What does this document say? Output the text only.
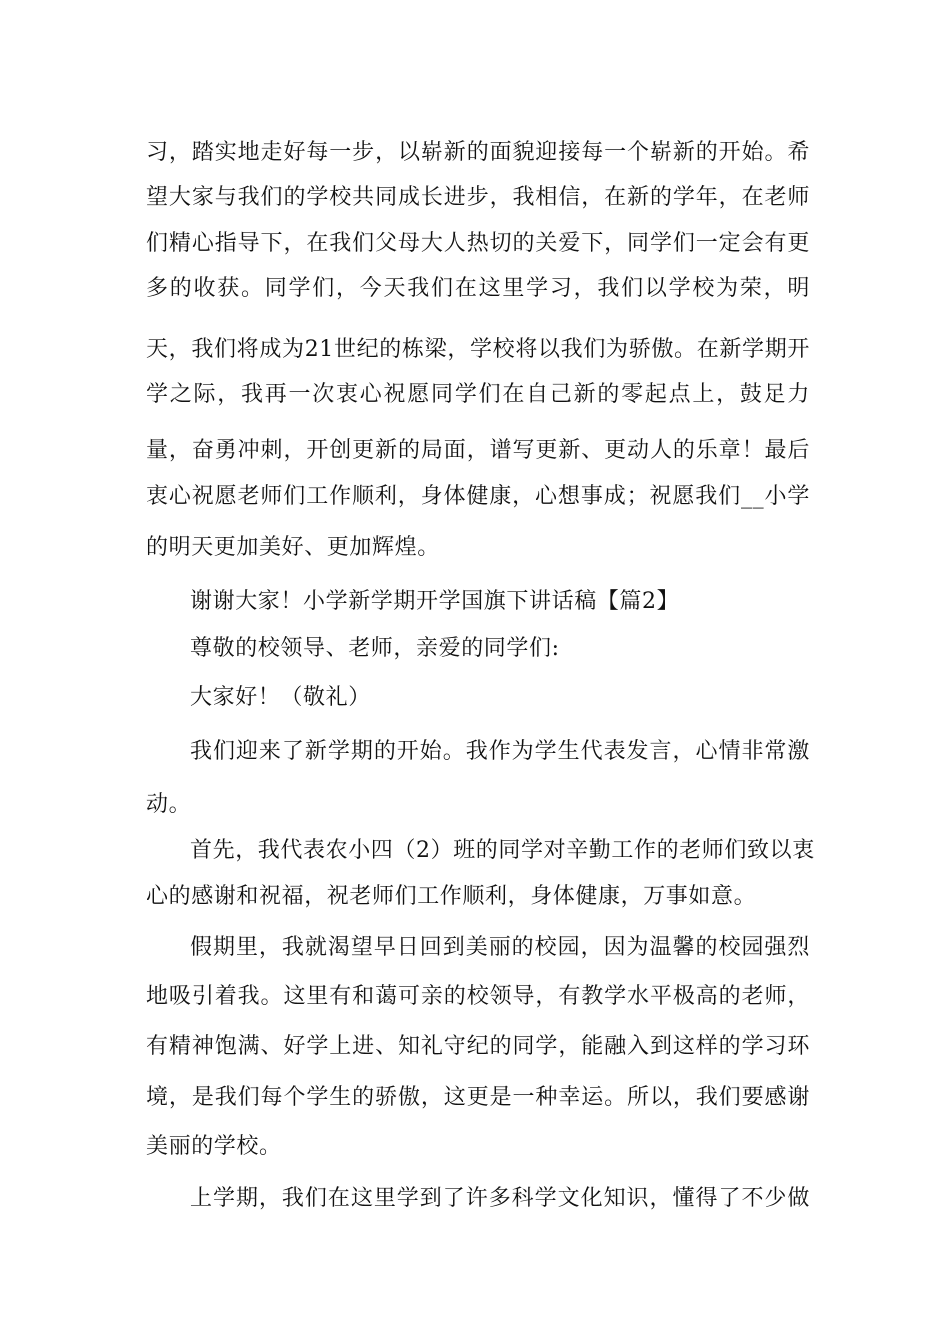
习，踏实地走好每一步，以崭新的面貌迎接每一个崭新的开始。希
望大家与我们的学校共同成长进步，我相信，在新的学年，在老师
们精心指导下，在我们父母大人热切的关爱下，同学们一定会有更
多的收获。同学们，今天我们在这里学习，我们以学校为荣，明
天，我们将成为21世纪的栋梁，学校将以我们为骄傲。在新学期开
学之际，我再一次衷心祝愿同学们在自己新的零起点上，鼓足力
量，奋勇冲刺，开创更新的局面，谱写更新、更动人的乐章！最后
衷心祝愿老师们工作顺利，身体健康，心想事成；祝愿我们__小学
的明天更加美好、更加辉煌。
谢谢大家！小学新学期开学国旗下讲话稿【篇2】
尊敬的校领导、老师，亲爱的同学们:
大家好！（敬礼）
我们迎来了新学期的开始。我作为学生代表发言，心情非常激
动。
首先，我代表农小四（2）班的同学对辛勤工作的老师们致以衷
心的感谢和祝福，祝老师们工作顺利，身体健康，万事如意。
假期里，我就渴望早日回到美丽的校园，因为温馨的校园强烈
地吸引着我。这里有和蔼可亲的校领导，有教学水平极高的老师，
有精神饱满、好学上进、知礼守纪的同学，能融入到这样的学习环
境，是我们每个学生的骄傲，这更是一种幸运。所以，我们要感谢
美丽的学校。
上学期，我们在这里学到了许多科学文化知识，懂得了不少做
